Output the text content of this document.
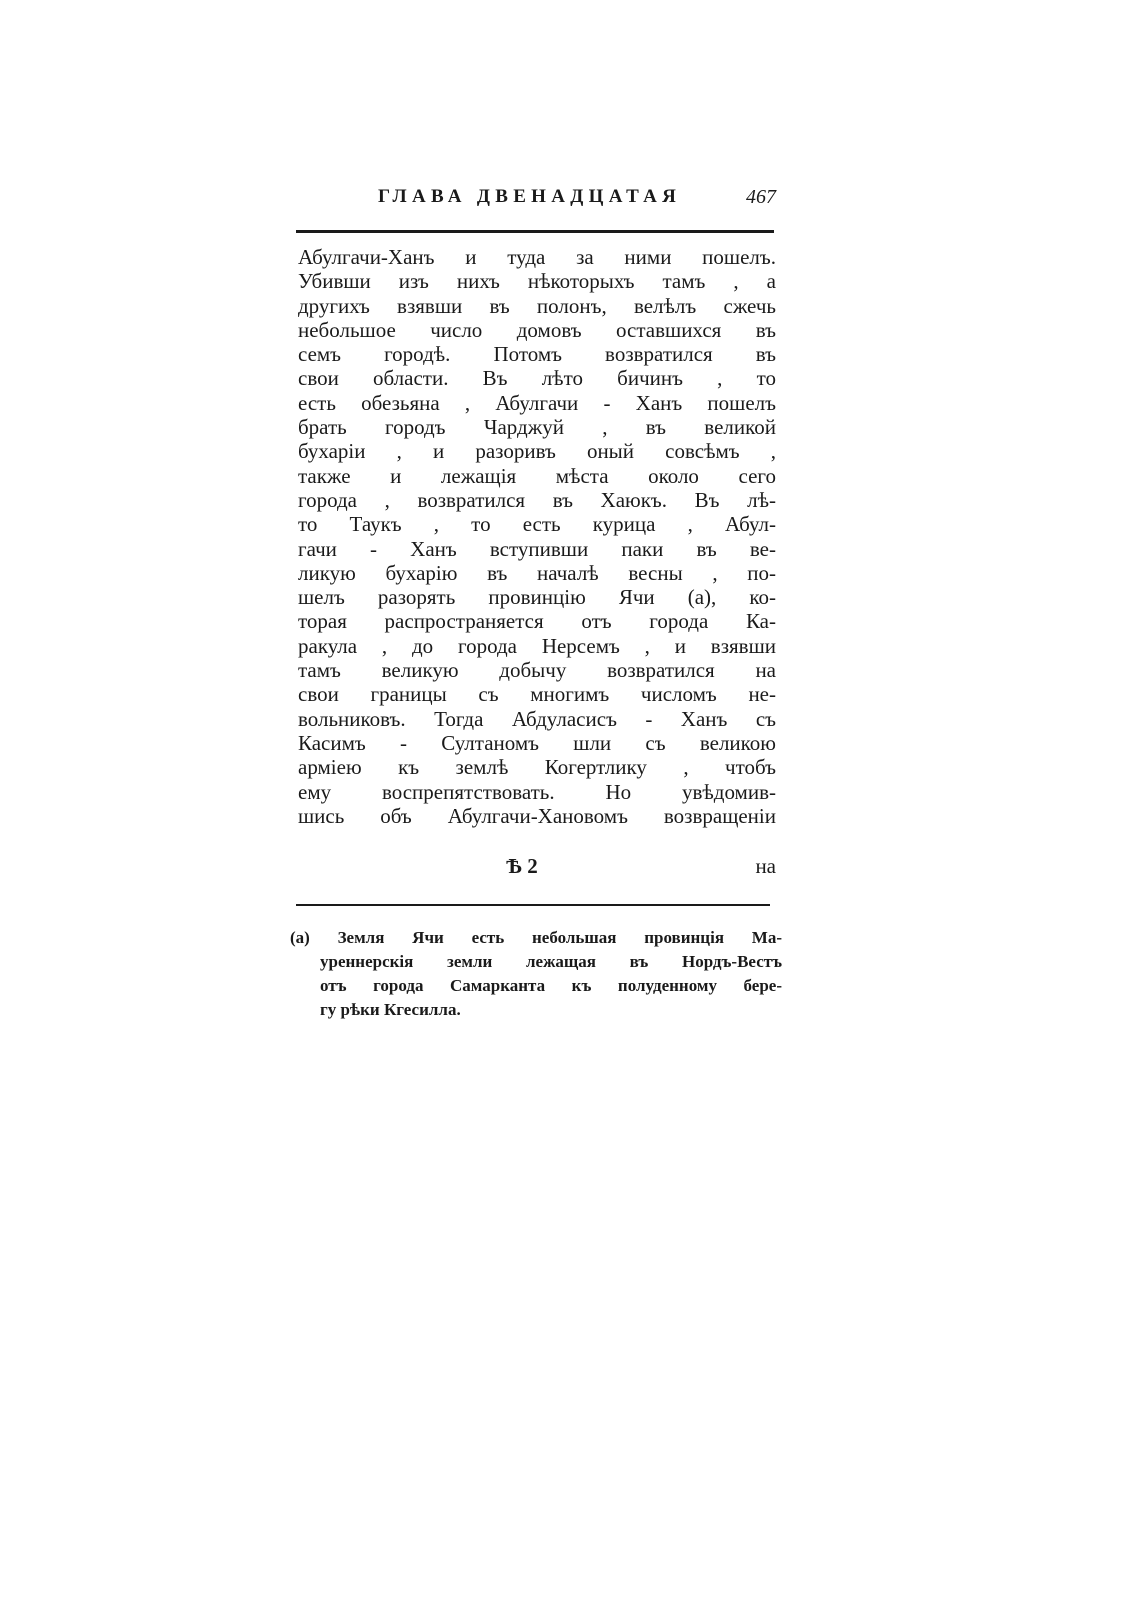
ГЛАВА ДВЕНАДЦАТАЯ	467
Абулгачи-Ханъ и туда за ними пошелъ.
Убивши изъ нихъ нѣкоторыхъ тамъ , а
другихъ взявши въ полонъ, велѣлъ сжечь
небольшое число домовъ оставшихся въ
семъ городѣ. Потомъ возвратился въ
свои области. Въ лѣто бичинъ , то
есть обезьяна , Абулгачи - Ханъ пошелъ
брать городъ Чарджуй , въ великой
бухаріи , и разоривъ оный совсѣмъ ,
также и лежащія мѣста около сего
города , возвратился въ Хаюкъ. Въ лѣ-
то Таукъ , то есть курица , Абул-
гачи - Ханъ вступивши паки въ ве-
ликую бухарію въ началѣ весны , по-
шелъ разорять провинцію Ячи (а), ко-
торая распространяется отъ города Ка-
ракула , до города Нерсемъ , и взявши
тамъ великую добычу возвратился на
свои границы съ многимъ числомъ не-
вольниковъ. Тогда Абдуласисъ - Ханъ съ
Касимъ - Султаномъ шли съ великою
арміею къ землѣ Когертлику , чтобъ
ему воспрепятствовать. Но увѣдомив-
шись объ Абулгачи-Хановомъ возвращеніи
Ѣ 2	на
(а) Земля Ячи есть небольшая провинція Ма-
уреннерскія земли лежащая въ Нордъ-Вестъ
отъ города Самарканта къ полуденному бере-
гу рѣки Кгесилла.
